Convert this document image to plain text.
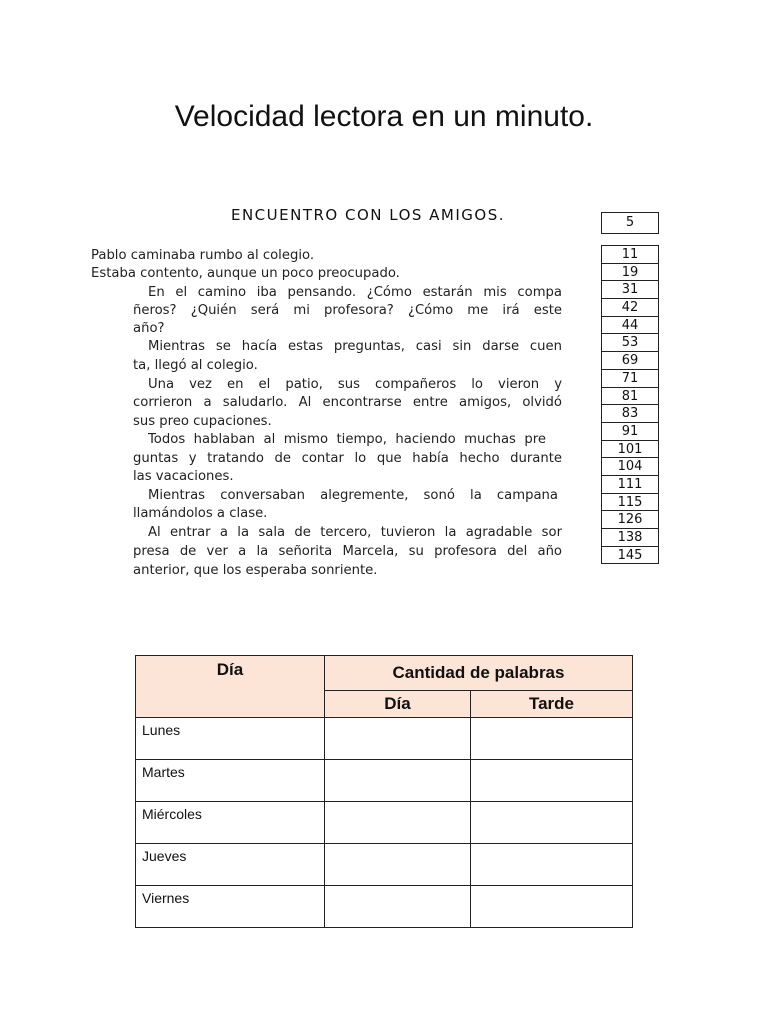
Velocidad lectora en un minuto.
ENCUENTRO CON LOS AMIGOS.
Pablo caminaba rumbo al colegio.
Estaba contento, aunque un poco preocupado.
En el camino iba pensando. ¿Cómo estarán mis compa
ñeros? ¿Quién será mi profesora? ¿Cómo me irá este
año?
Mientras se hacía estas preguntas, casi sin darse cuen
ta, llegó al colegio.
Una vez en el patio, sus compañeros lo vieron y
corrieron a saludarlo. Al encontrarse entre amigos, olvidó
sus preo cupaciones.
Todos hablaban al mismo tiempo, haciendo muchas pre
guntas y tratando de contar lo que había hecho durante
las vacaciones.
Mientras conversaban alegremente, sonó la campana
llamándolos a clase.
Al entrar a la sala de tercero, tuvieron la agradable sor
presa de ver a la señorita Marcela, su profesora del año
anterior, que los esperaba sonriente.
5
11
19
31
42
44
53
69
71
81
83
91
101
104
111
115
126
138
145
Día	Cantidad de palabras	
	Día	Tarde
Lunes		
Martes		
Miércoles		
Jueves		
Viernes		
